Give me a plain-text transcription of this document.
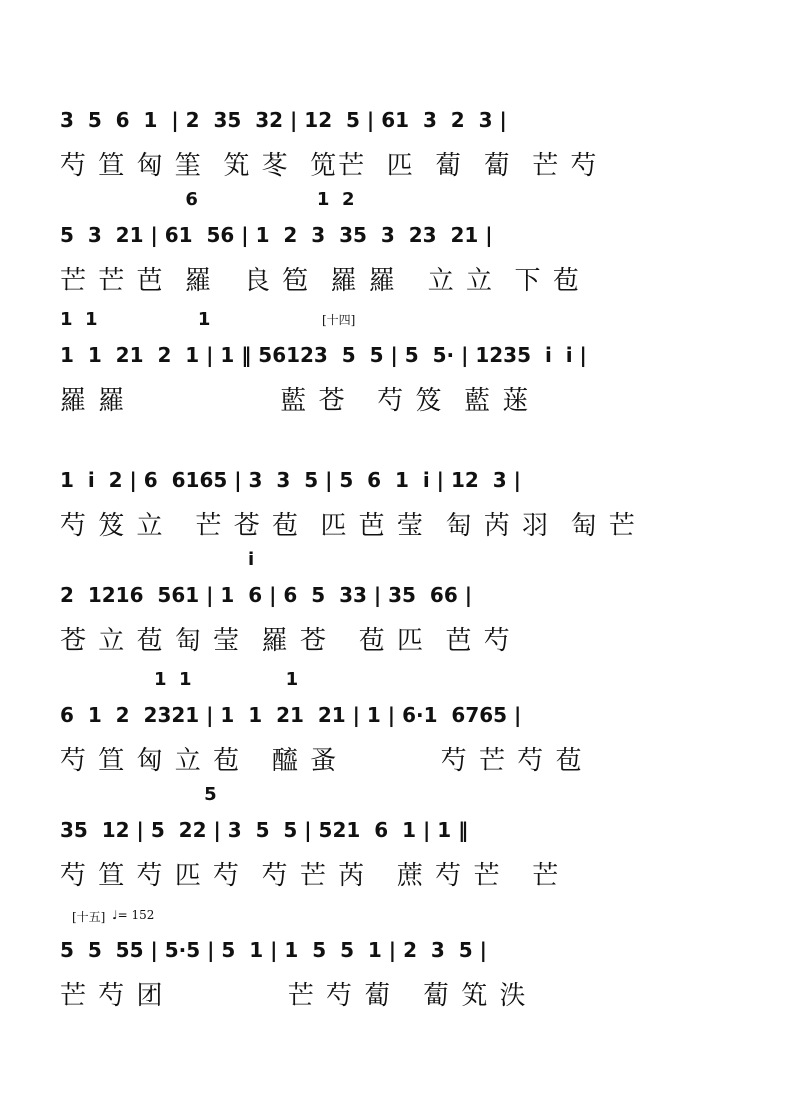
3  5  6  1  | 2  35  32 | 12  5 | 61  3  2  3 |
芍 笪 匈 筀  笂 苳  笕芒  匹  蔔  蔔  芒 芍
6                   1  2
5  3  21 | 61  56 | 1  2  3  35  3  23  21 |
芒 芒 芭  羅   良 笣  羅 羅   立 立  下 苞
[十四]
1  1                1
1  1  21  2  1 | 1 ‖ 56123  5  5 | 5  5· | 1235  i  i |
羅 羅               藍 苍   芍 笈  藍 蒾
1  i  2 | 6  6165 | 3  3  5 | 5  6  1  i | 12  3 |
芍 笈 立   芒 苍 苞  匹 芭 莹  匋 芮 羽  匋 芒
i
2  1216  561 | 1  6 | 6  5  33 | 35  66 |
苍 立 苞 匋 莹  羅 苍   苞 匹  芭 芍
1  1               1
6  1  2  2321 | 1  1  21  21 | 1 | 6·1  6765 |
芍 笪 匈 立 苞   醯 蚤          芍 芒 芍 苞
5
35  12 | 5  22 | 3  5  5 | 521  6  1 | 1 ‖
芍 笪 芍 匹 芍  芍 芒 芮   蔗 芍 芒   芒
[十五] ♩= 152
5  5  55 | 5·5 | 5  1 | 1  5  5  1 | 2  3  5 |
芒 芍 团            芒 芍 蔔   蔔 笂 泆
